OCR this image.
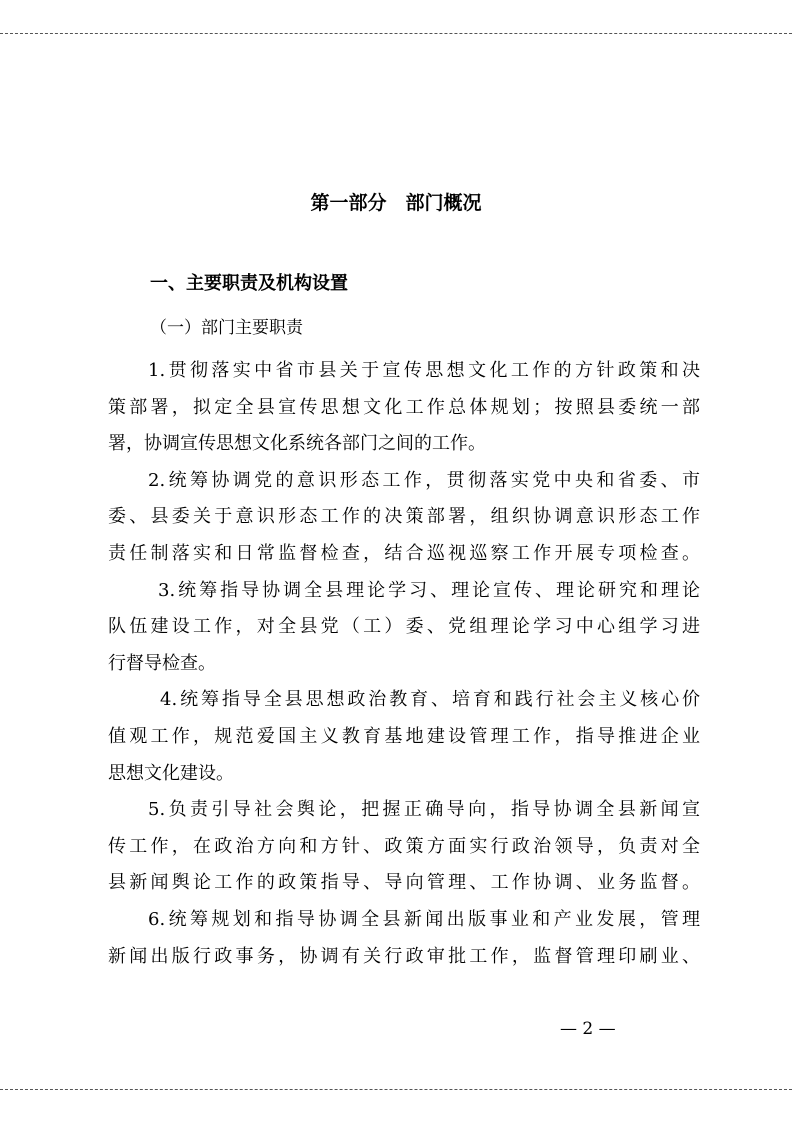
第一部分　部门概况
一、主要职责及机构设置
（一）部门主要职责

1.贯彻落实中省市县关于宣传思想文化工作的方针政策和决
策部署，拟定全县宣传思想文化工作总体规划；按照县委统一部
署，协调宣传思想文化系统各部门之间的工作。

2.统筹协调党的意识形态工作，贯彻落实党中央和省委、市
委、县委关于意识形态工作的决策部署，组织协调意识形态工作
责任制落实和日常监督检查，结合巡视巡察工作开展专项检查。

3.统筹指导协调全县理论学习、理论宣传、理论研究和理论
队伍建设工作，对全县党（工）委、党组理论学习中心组学习进
行督导检查。

4.统筹指导全县思想政治教育、培育和践行社会主义核心价
值观工作，规范爱国主义教育基地建设管理工作，指导推进企业
思想文化建设。

5.负责引导社会舆论，把握正确导向，指导协调全县新闻宣
传工作，在政治方向和方针、政策方面实行政治领导，负责对全
县新闻舆论工作的政策指导、导向管理、工作协调、业务监督。

6.统筹规划和指导协调全县新闻出版事业和产业发展，管理
新闻出版行政事务，协调有关行政审批工作，监督管理印刷业、

— 2 —
